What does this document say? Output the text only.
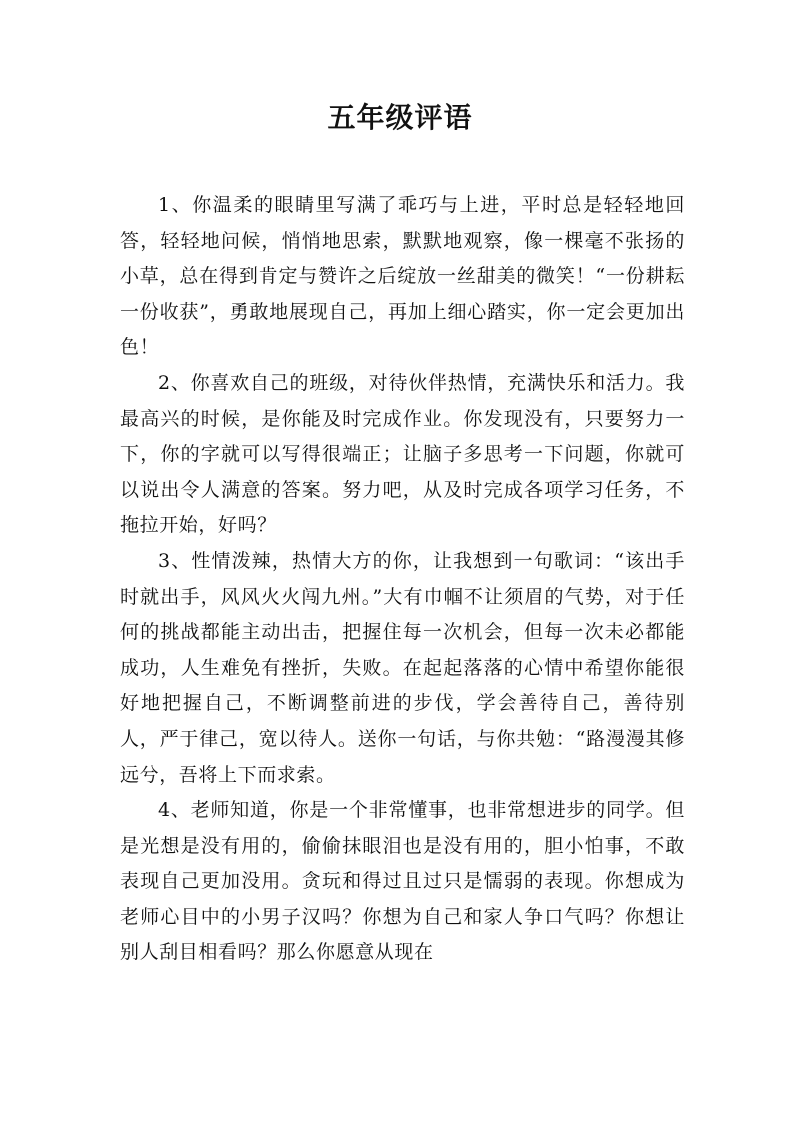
五年级评语

1、你温柔的眼睛里写满了乖巧与上进，平时总是轻轻地回答，轻轻地问候，悄悄地思索，默默地观察，像一棵毫不张扬的小草，总在得到肯定与赞许之后绽放一丝甜美的微笑！“一份耕耘一份收获”，勇敢地展现自己，再加上细心踏实，你一定会更加出色！

2、你喜欢自己的班级，对待伙伴热情，充满快乐和活力。我最高兴的时候，是你能及时完成作业。你发现没有，只要努力一下，你的字就可以写得很端正；让脑子多思考一下问题，你就可以说出令人满意的答案。努力吧，从及时完成各项学习任务，不拖拉开始，好吗？

3、性情泼辣，热情大方的你，让我想到一句歌词：“该出手时就出手，风风火火闯九州。”大有巾帼不让须眉的气势，对于任何的挑战都能主动出击，把握住每一次机会，但每一次未必都能成功，人生难免有挫折，失败。在起起落落的心情中希望你能很好地把握自己，不断调整前进的步伐，学会善待自己，善待别人，严于律己，宽以待人。送你一句话，与你共勉：“路漫漫其修远兮，吾将上下而求索。

4、老师知道，你是一个非常懂事，也非常想进步的同学。但是光想是没有用的，偷偷抹眼泪也是没有用的，胆小怕事，不敢表现自己更加没用。贪玩和得过且过只是懦弱的表现。你想成为老师心目中的小男子汉吗？你想为自己和家人争口气吗？你想让别人刮目相看吗？那么你愿意从现在
